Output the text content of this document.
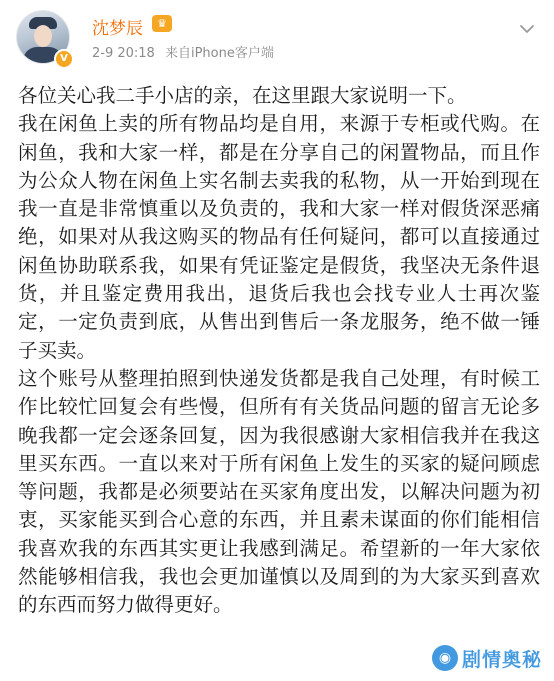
V
沈梦辰	♛
2-9 20:18 来自iPhone客户端

各位关心我二手小店的亲，在这里跟大家说明一下。

我在闲鱼上卖的所有物品均是自用，来源于专柜或代购。在闲鱼，我和大家一样，都是在分享自己的闲置物品，而且作为公众人物在闲鱼上实名制去卖我的私物，从一开始到现在我一直是非常慎重以及负责的，我和大家一样对假货深恶痛绝，如果对从我这购买的物品有任何疑问，都可以直接通过闲鱼协助联系我，如果有凭证鉴定是假货，我坚决无条件退货，并且鉴定费用我出，退货后我也会找专业人士再次鉴定，一定负责到底，从售出到售后一条龙服务，绝不做一锤子买卖。

这个账号从整理拍照到快递发货都是我自己处理，有时候工作比较忙回复会有些慢，但所有有关货品问题的留言无论多晚我都一定会逐条回复，因为我很感谢大家相信我并在我这里买东西。一直以来对于所有闲鱼上发生的买家的疑问顾虑等问题，我都是必须要站在买家角度出发，以解决问题为初衷，买家能买到合心意的东西，并且素未谋面的你们能相信我喜欢我的东西其实更让我感到满足。希望新的一年大家依然能够相信我，我也会更加谨慎以及周到的为大家买到喜欢的东西而努力做得更好。

◉ 剧情奥秘
